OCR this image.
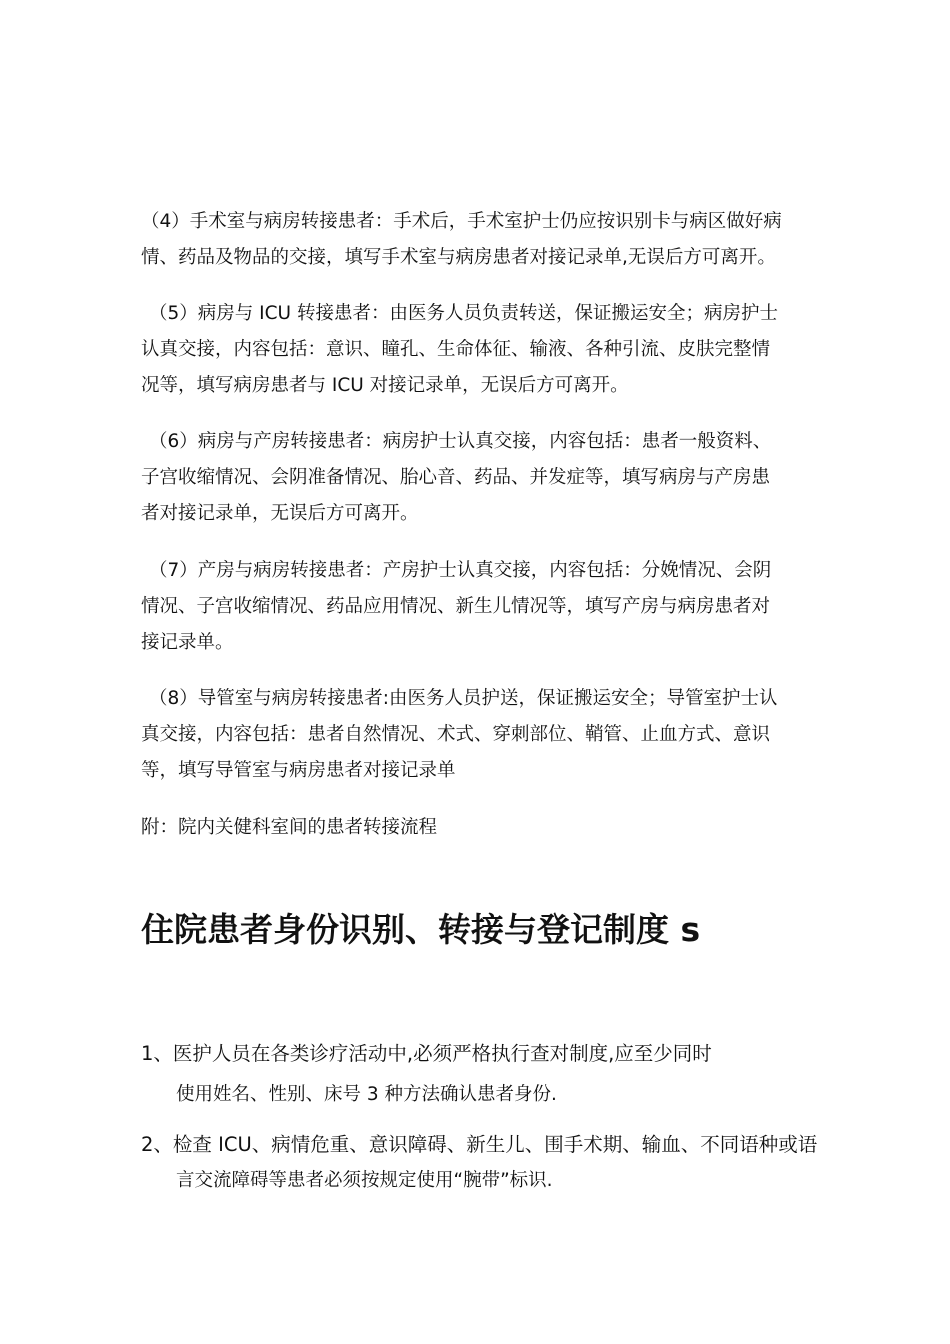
（4）手术室与病房转接患者：手术后，手术室护士仍应按识别卡与病区做好病
情、药品及物品的交接，填写手术室与病房患者对接记录单,无误后方可离开。
（5）病房与 ICU 转接患者：由医务人员负责转送，保证搬运安全；病房护士
认真交接，内容包括：意识、瞳孔、生命体征、输液、各种引流、皮肤完整情
况等，填写病房患者与 ICU 对接记录单，无误后方可离开。
（6）病房与产房转接患者：病房护士认真交接，内容包括：患者一般资料、
子宫收缩情况、会阴准备情况、胎心音、药品、并发症等，填写病房与产房患
者对接记录单，无误后方可离开。
（7）产房与病房转接患者：产房护士认真交接，内容包括：分娩情况、会阴
情况、子宫收缩情况、药品应用情况、新生儿情况等，填写产房与病房患者对
接记录单。
（8）导管室与病房转接患者:由医务人员护送，保证搬运安全；导管室护士认
真交接，内容包括：患者自然情况、术式、穿刺部位、鞘管、止血方式、意识
等，填写导管室与病房患者对接记录单
附：院内关健科室间的患者转接流程
住院患者身份识别、转接与登记制度 s
1、医护人员在各类诊疗活动中,必须严格执行查对制度,应至少同时
使用姓名、性别、床号 3 种方法确认患者身份.
2、检查 ICU、病情危重、意识障碍、新生儿、围手术期、输血、不同语种或语
言交流障碍等患者必须按规定使用“腕带”标识.
